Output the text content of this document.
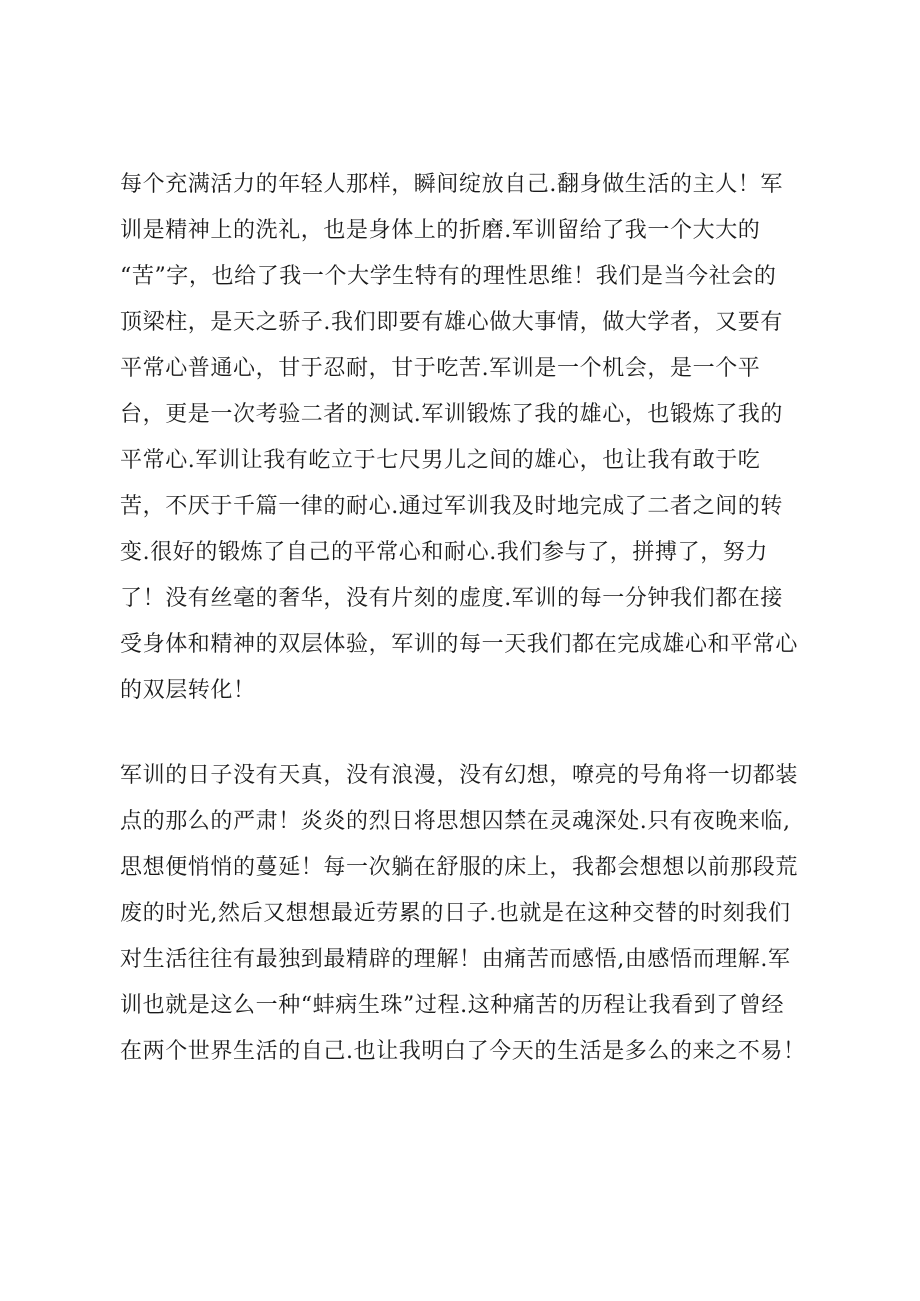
每个充满活力的年轻人那样，瞬间绽放自己.翻身做生活的主人！军
训是精神上的洗礼，也是身体上的折磨.军训留给了我一个大大的
“苦”字，也给了我一个大学生特有的理性思维！我们是当今社会的
顶梁柱，是天之骄子.我们即要有雄心做大事情，做大学者，又要有
平常心普通心，甘于忍耐，甘于吃苦.军训是一个机会，是一个平
台，更是一次考验二者的测试.军训锻炼了我的雄心，也锻炼了我的
平常心.军训让我有屹立于七尺男儿之间的雄心，也让我有敢于吃
苦，不厌于千篇一律的耐心.通过军训我及时地完成了二者之间的转
变.很好的锻炼了自己的平常心和耐心.我们参与了，拼搏了，努力
了！没有丝毫的奢华，没有片刻的虚度.军训的每一分钟我们都在接
受身体和精神的双层体验，军训的每一天我们都在完成雄心和平常心
的双层转化！
军训的日子没有天真，没有浪漫，没有幻想，嘹亮的号角将一切都装
点的那么的严肃！炎炎的烈日将思想囚禁在灵魂深处.只有夜晚来临,
思想便悄悄的蔓延！每一次躺在舒服的床上，我都会想想以前那段荒
废的时光,然后又想想最近劳累的日子.也就是在这种交替的时刻我们
对生活往往有最独到最精辟的理解！由痛苦而感悟,由感悟而理解.军
训也就是这么一种“蚌病生珠”过程.这种痛苦的历程让我看到了曾经
在两个世界生活的自己.也让我明白了今天的生活是多么的来之不易！
